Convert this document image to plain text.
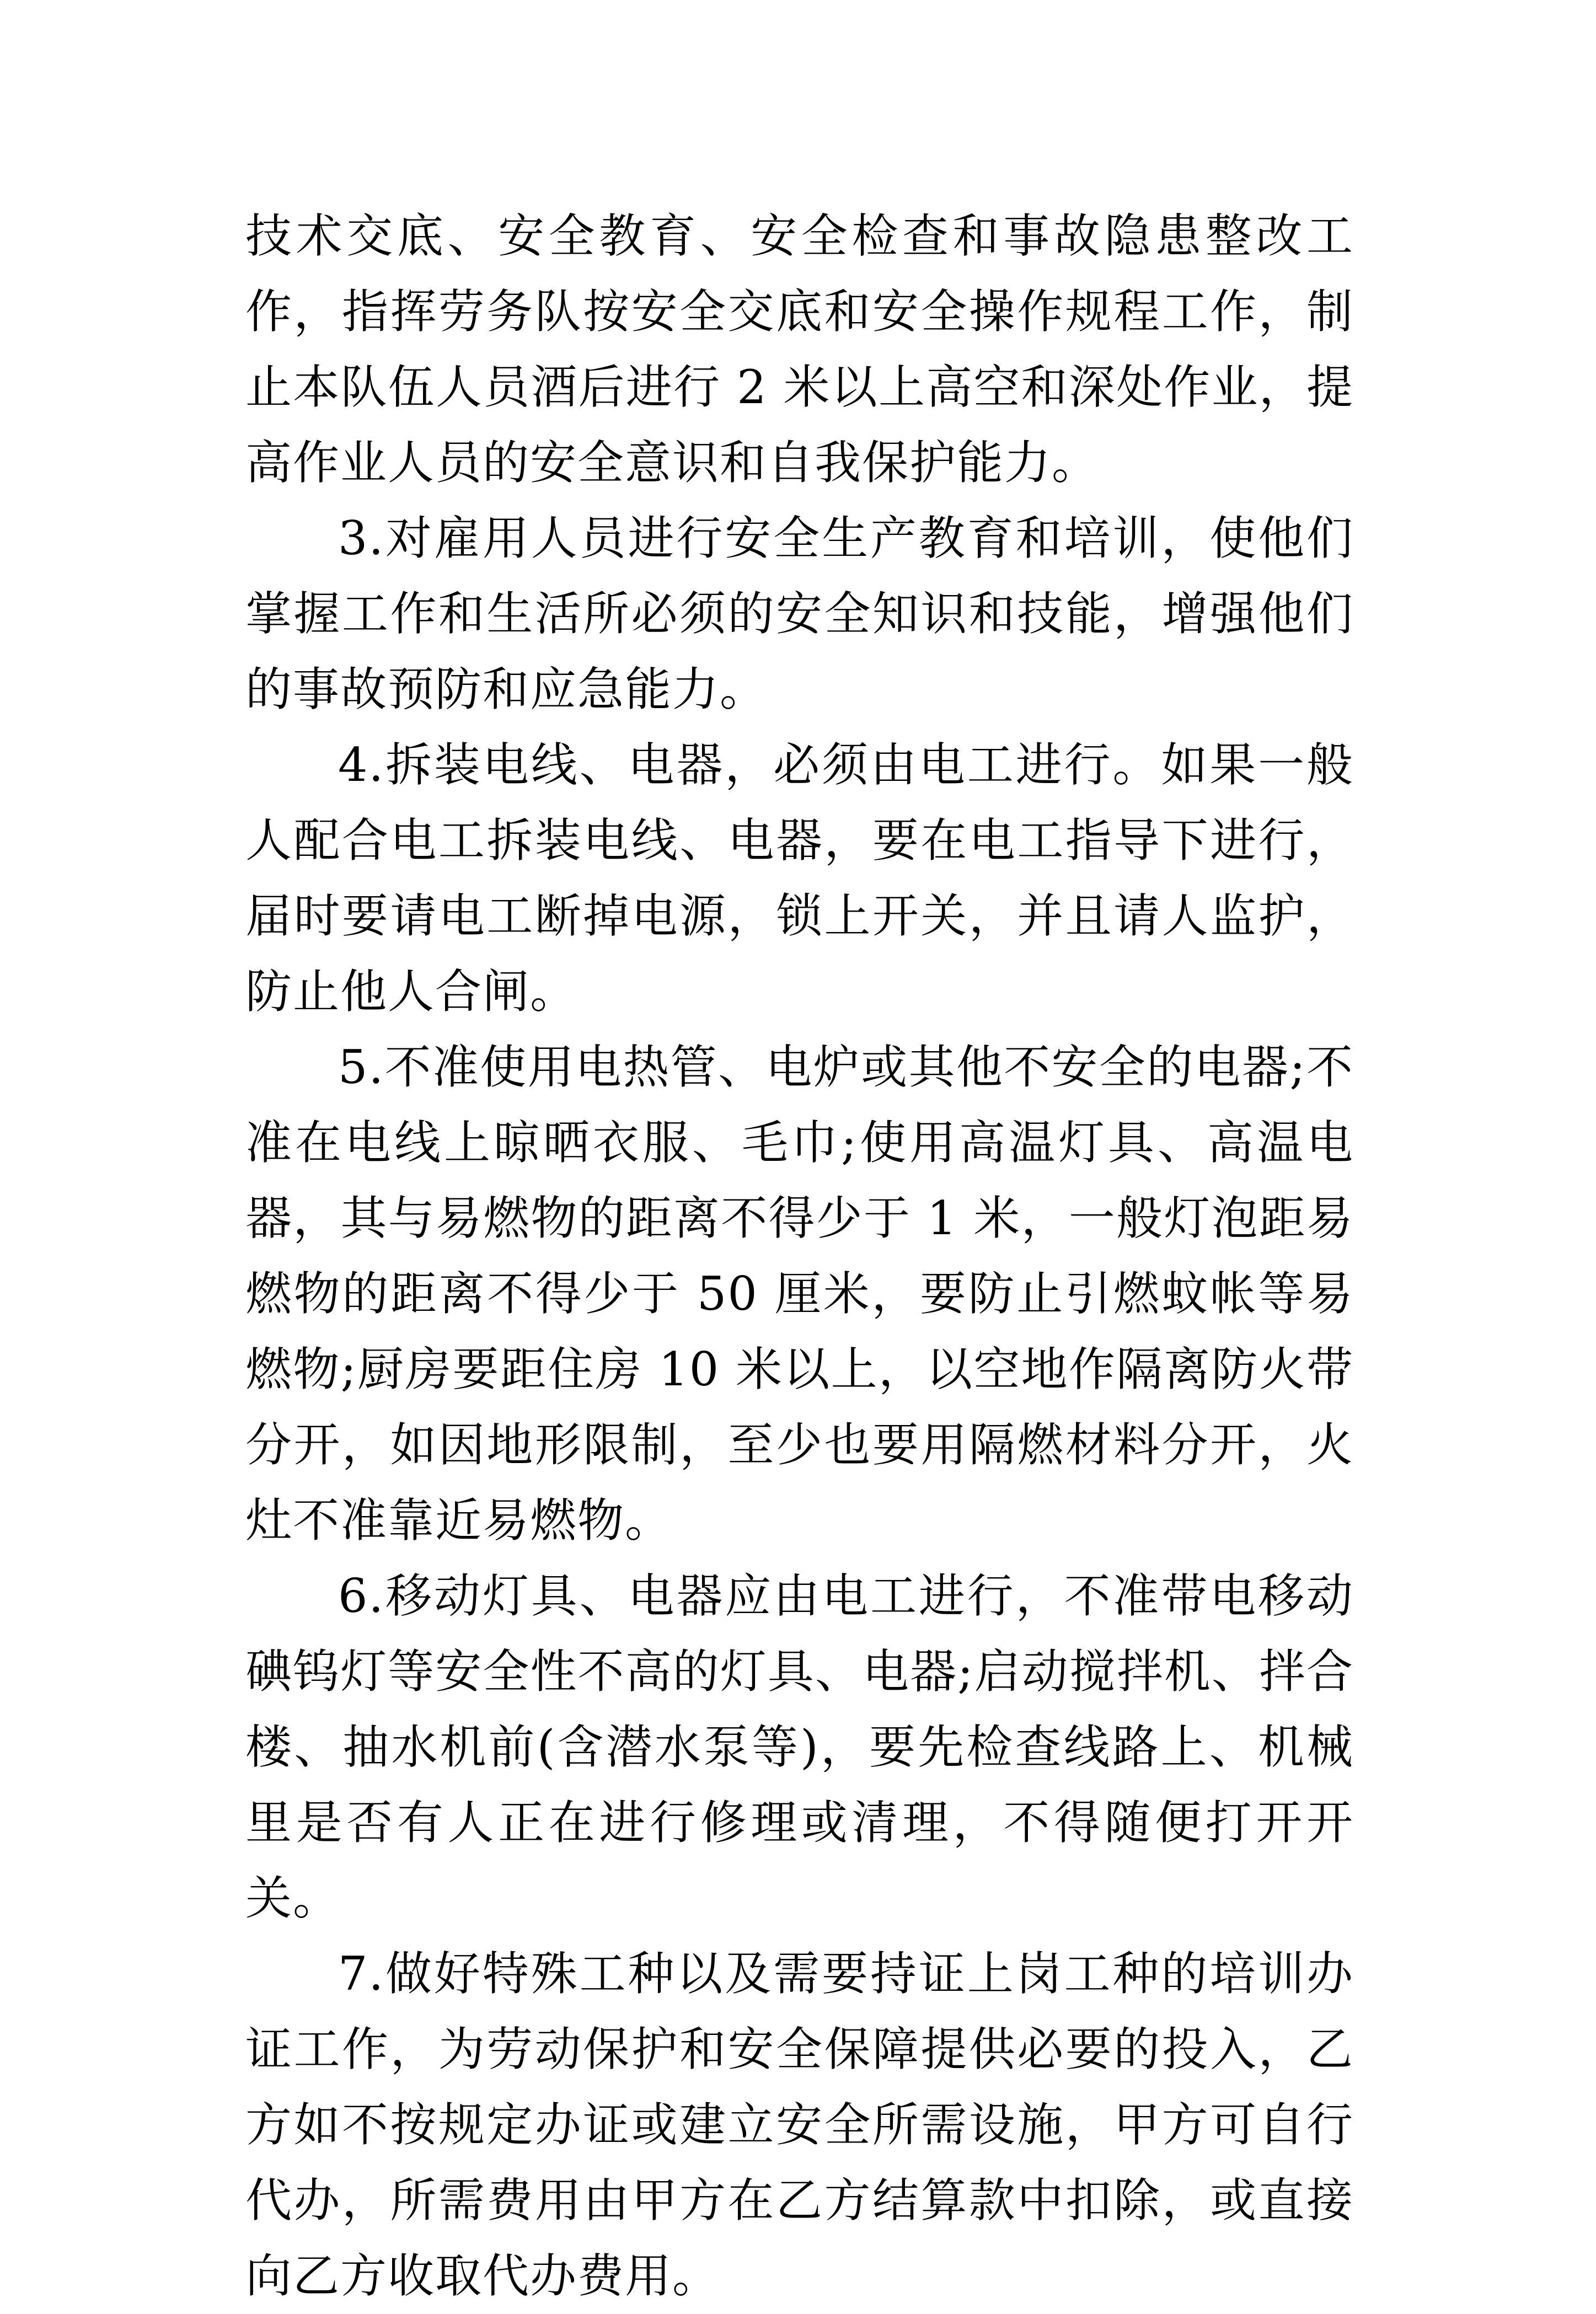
技术交底、安全教育、安全检查和事故隐患整改工作，指挥劳务队按安全交底和安全操作规程工作，制止本队伍人员酒后进行 2 米以上高空和深处作业，提高作业人员的安全意识和自我保护能力。

3.对雇用人员进行安全生产教育和培训，使他们掌握工作和生活所必须的安全知识和技能，增强他们的事故预防和应急能力。

4.拆装电线、电器，必须由电工进行。如果一般人配合电工拆装电线、电器，要在电工指导下进行，届时要请电工断掉电源，锁上开关，并且请人监护，防止他人合闸。

5.不准使用电热管、电炉或其他不安全的电器;不准在电线上晾晒衣服、毛巾;使用高温灯具、高温电器，其与易燃物的距离不得少于 1 米，一般灯泡距易燃物的距离不得少于 50 厘米，要防止引燃蚊帐等易燃物;厨房要距住房 10 米以上，以空地作隔离防火带分开，如因地形限制，至少也要用隔燃材料分开，火灶不准靠近易燃物。

6.移动灯具、电器应由电工进行，不准带电移动碘钨灯等安全性不高的灯具、电器;启动搅拌机、拌合楼、抽水机前(含潜水泵等)，要先检查线路上、机械里是否有人正在进行修理或清理，不得随便打开开关。

7.做好特殊工种以及需要持证上岗工种的培训办证工作，为劳动保护和安全保障提供必要的投入，乙方如不按规定办证或建立安全所需设施，甲方可自行代办，所需费用由甲方在乙方结算款中扣除，或直接向乙方收取代办费用。
